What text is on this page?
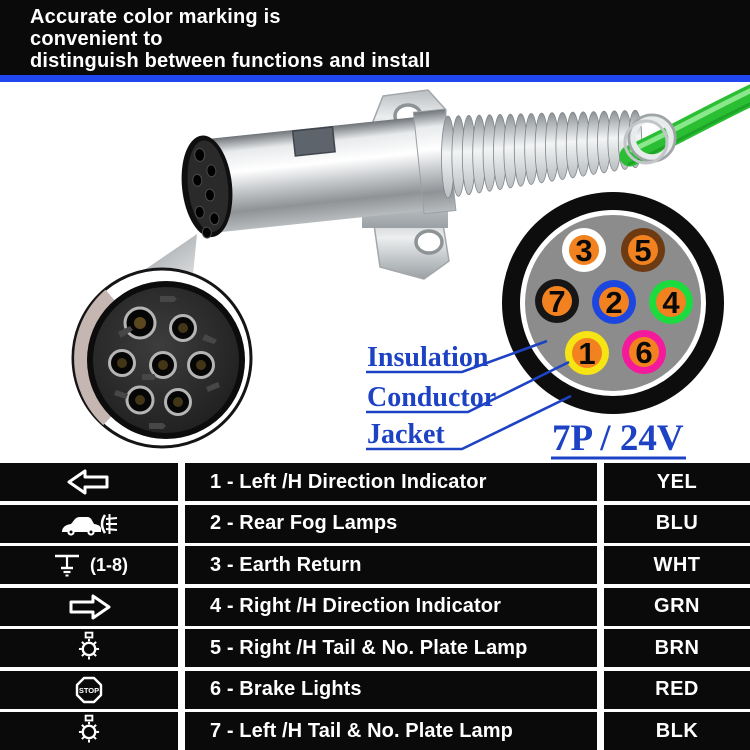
Accurate color marking is
convenient to
distinguish between functions and install
3 5
7 2 4
1 6
Insulation
Conductor
Jacket	7P / 24V
1 - Left /H Direction Indicator	YEL
2 - Rear Fog Lamps	BLU
(1-8)	3 - Earth Return	WHT
4 - Right /H Direction Indicator	GRN
5 - Right /H Tail & No. Plate Lamp	BRN
STOP	6 - Brake Lights	RED
7 - Left /H Tail & No. Plate Lamp	BLK
